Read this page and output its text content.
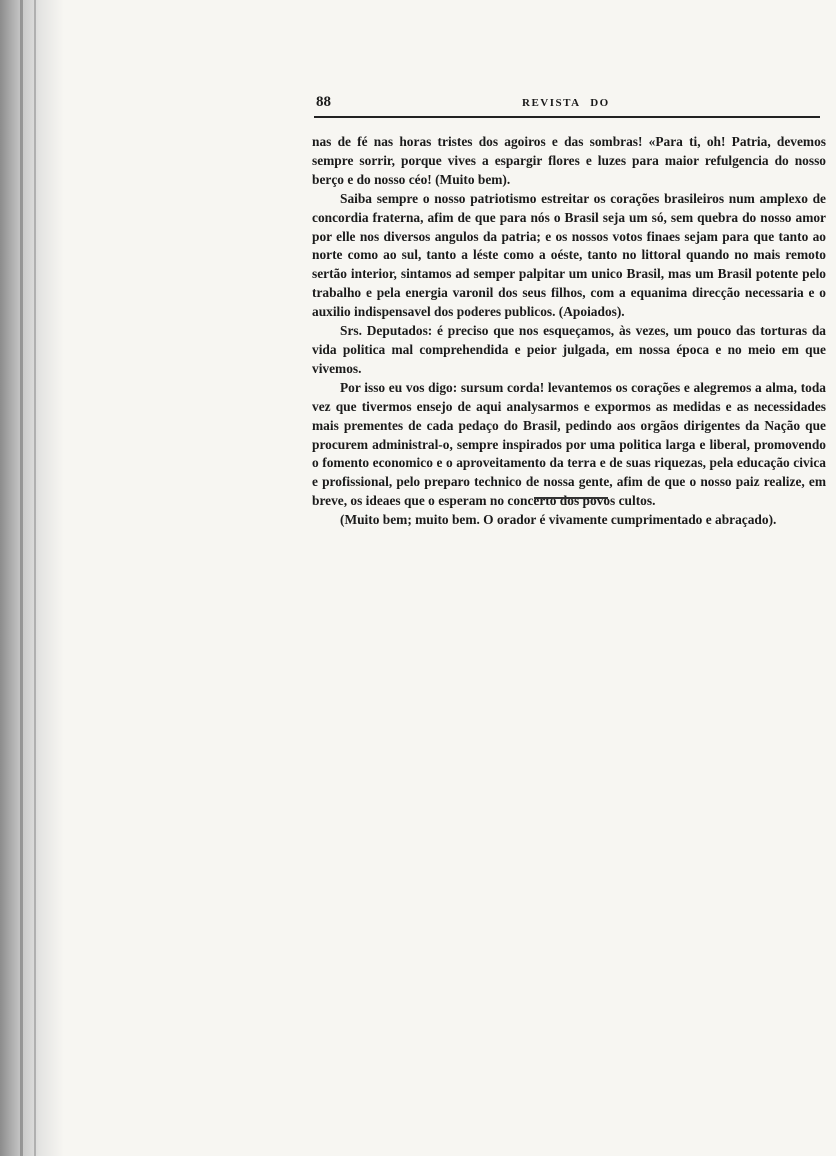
88	REVISTA DO

nas de fé nas horas tristes dos agoiros e das sombras! «Para ti, oh! Patria, devemos sempre sorrir, porque vives a espargir flores e luzes para maior refulgencia do nosso berço e do nosso céo! (Muito bem).

Saiba sempre o nosso patriotismo estreitar os corações brasileiros num amplexo de concordia fraterna, afim de que para nós o Brasil seja um só, sem quebra do nosso amor por elle nos diversos angulos da patria; e os nossos votos finaes sejam para que tanto ao norte como ao sul, tanto a léste como a oéste, tanto no littoral quando no mais remoto sertão interior, sintamos ad semper palpitar um unico Brasil, mas um Brasil potente pelo trabalho e pela energia varonil dos seus filhos, com a equanima direcção necessaria e o auxilio indispensavel dos poderes publicos. (Apoiados).

Srs. Deputados: é preciso que nos esqueçamos, às vezes, um pouco das torturas da vida politica mal comprehendida e peior julgada, em nossa época e no meio em que vivemos.

Por isso eu vos digo: sursum corda! levantemos os corações e alegremos a alma, toda vez que tivermos ensejo de aqui analysarmos e expormos as medidas e as necessidades mais prementes de cada pedaço do Brasil, pedindo aos orgãos dirigentes da Nação que procurem administral-o, sempre inspirados por uma politica larga e liberal, promovendo o fomento economico e o aproveitamento da terra e de suas riquezas, pela educação civica e profissional, pelo preparo technico de nossa gente, afim de que o nosso paiz realize, em breve, os ideaes que o esperam no concerto dos povos cultos.

(Muito bem; muito bem. O orador é vivamente cumprimentado e abraçado).
